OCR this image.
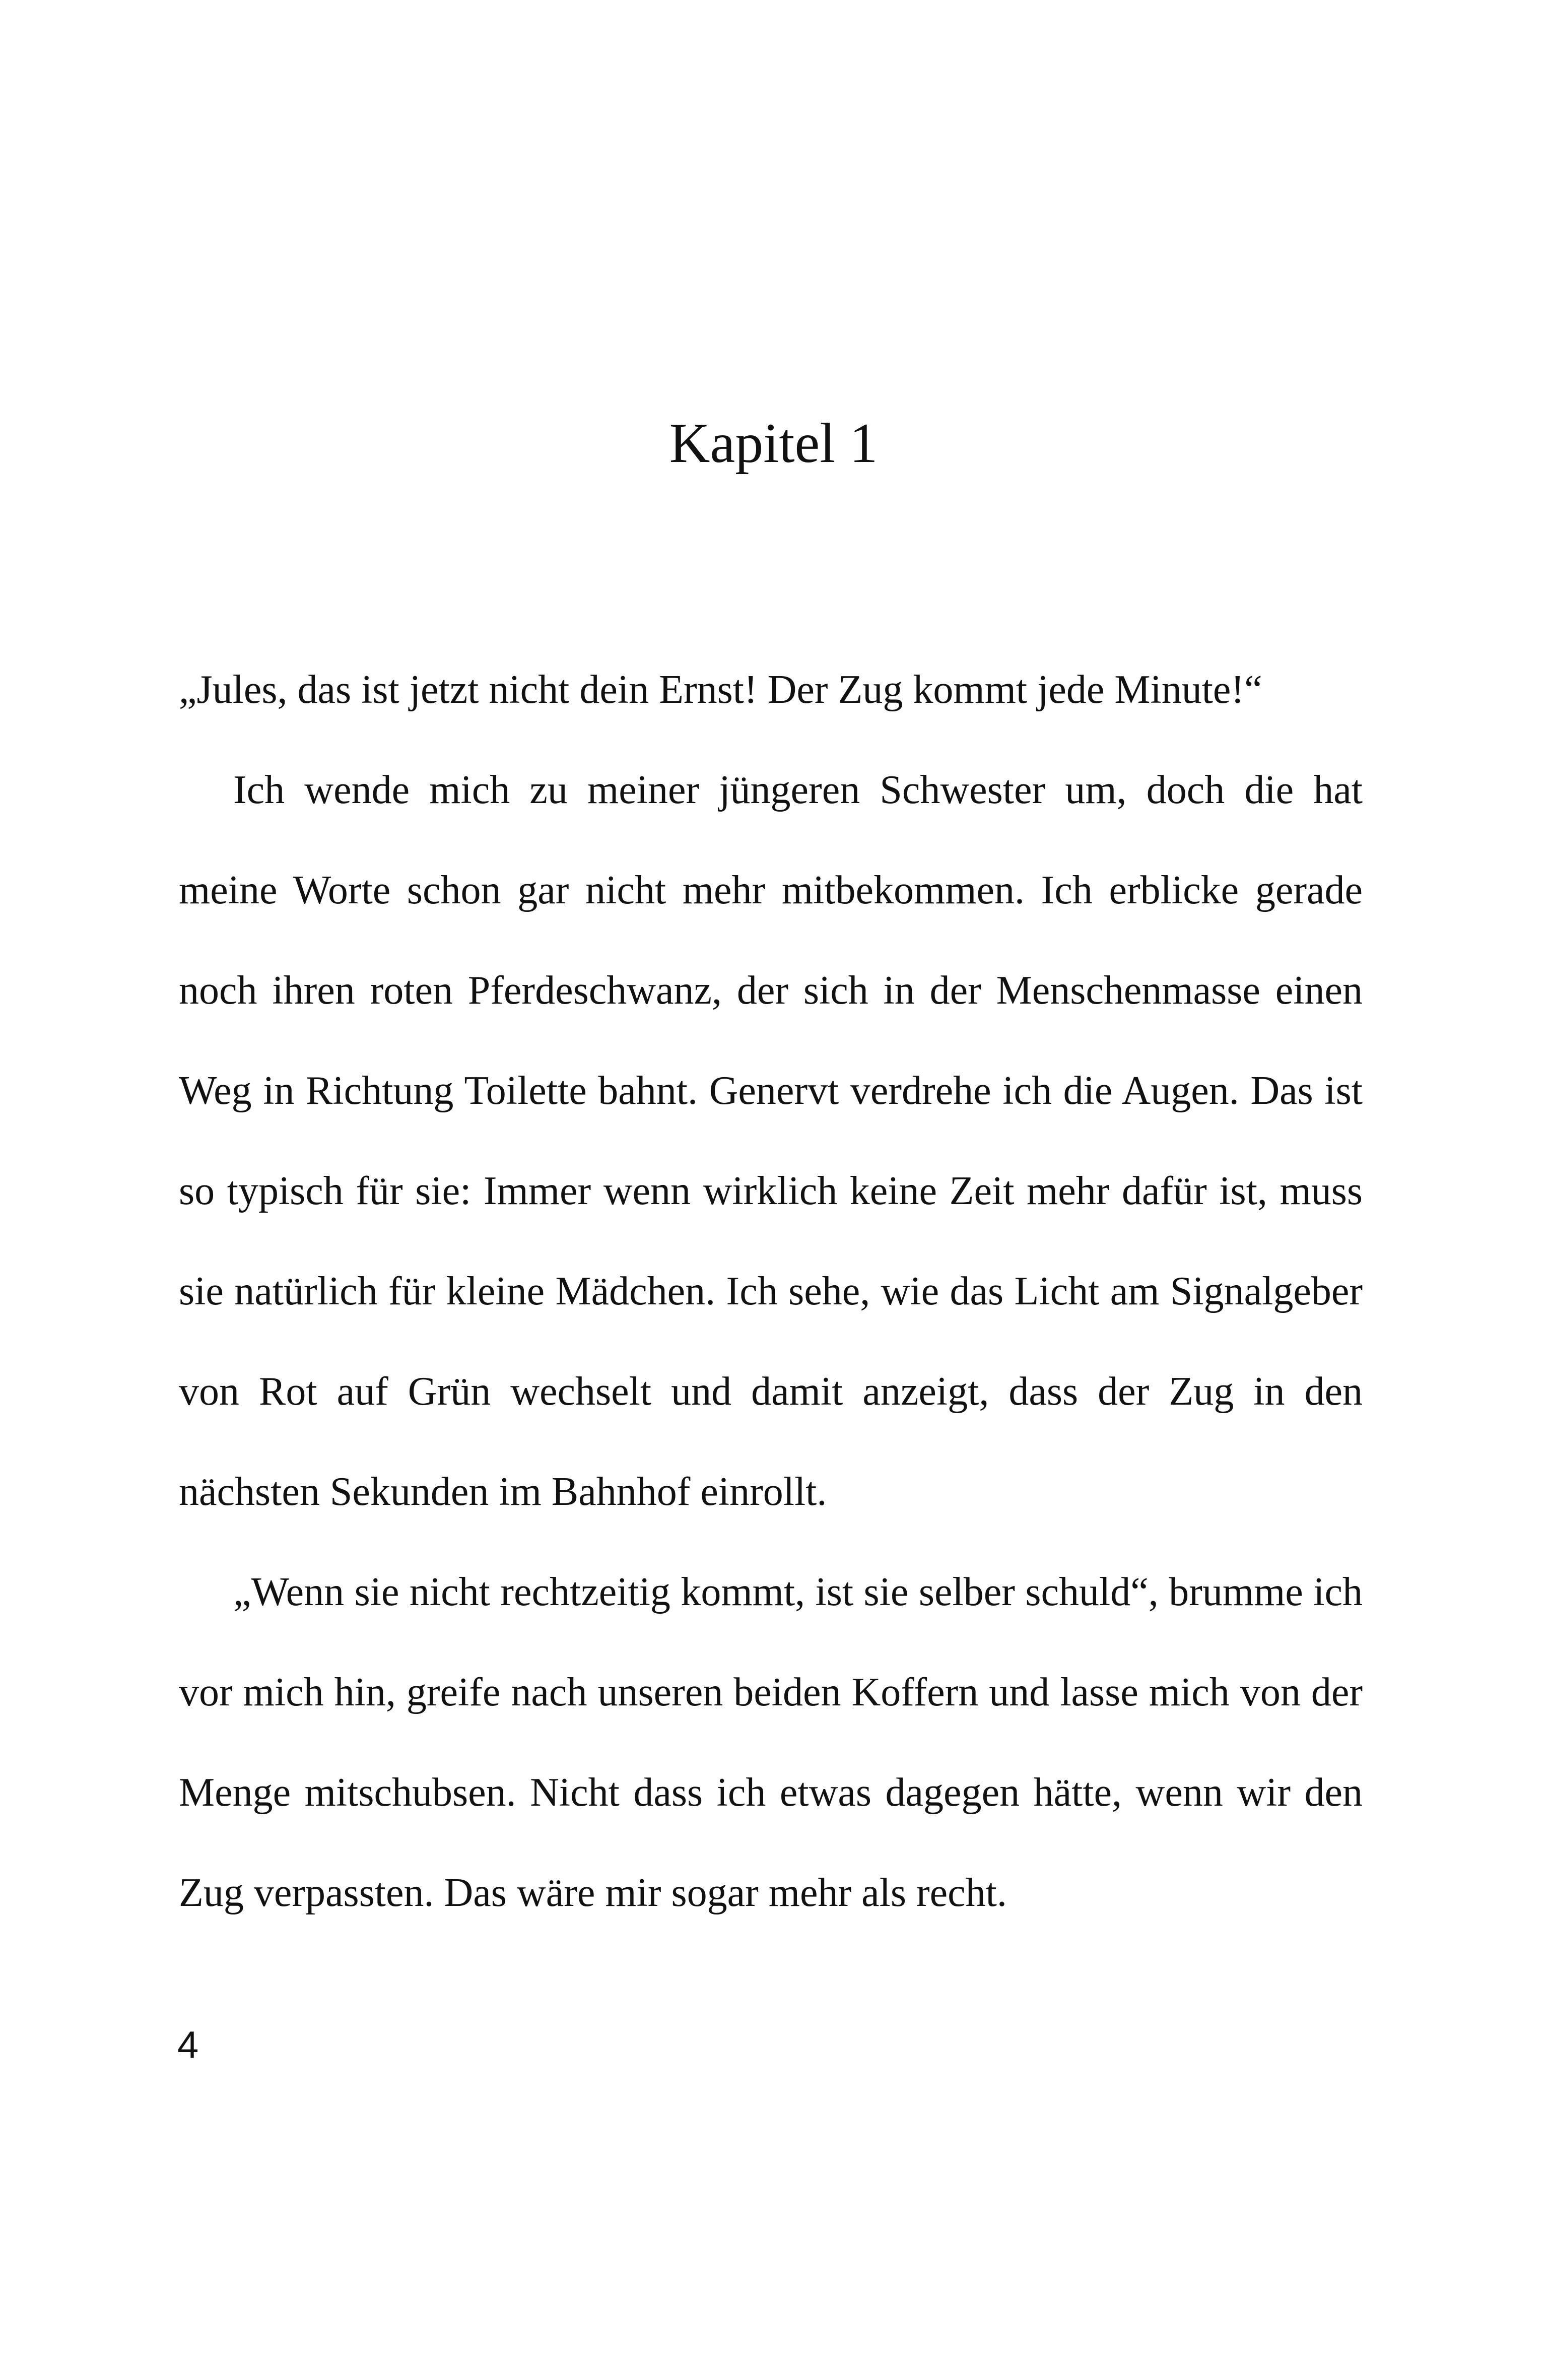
Kapitel 1

„Jules, das ist jetzt nicht dein Ernst! Der Zug kommt jede Minute!“

Ich wende mich zu meiner jüngeren Schwester um, doch die hat meine Worte schon gar nicht mehr mitbekommen. Ich erblicke gerade noch ihren roten Pferdeschwanz, der sich in der Menschenmasse einen Weg in Richtung Toilette bahnt. Genervt verdrehe ich die Augen. Das ist so typisch für sie: Immer wenn wirklich keine Zeit mehr dafür ist, muss sie natürlich für kleine Mädchen. Ich sehe, wie das Licht am Signalgeber von Rot auf Grün wechselt und damit anzeigt, dass der Zug in den nächsten Sekunden im Bahnhof einrollt.

„Wenn sie nicht rechtzeitig kommt, ist sie selber schuld“, brumme ich vor mich hin, greife nach unseren beiden Koffern und lasse mich von der Menge mitschubsen. Nicht dass ich etwas dagegen hätte, wenn wir den Zug verpassten. Das wäre mir sogar mehr als recht.

4
